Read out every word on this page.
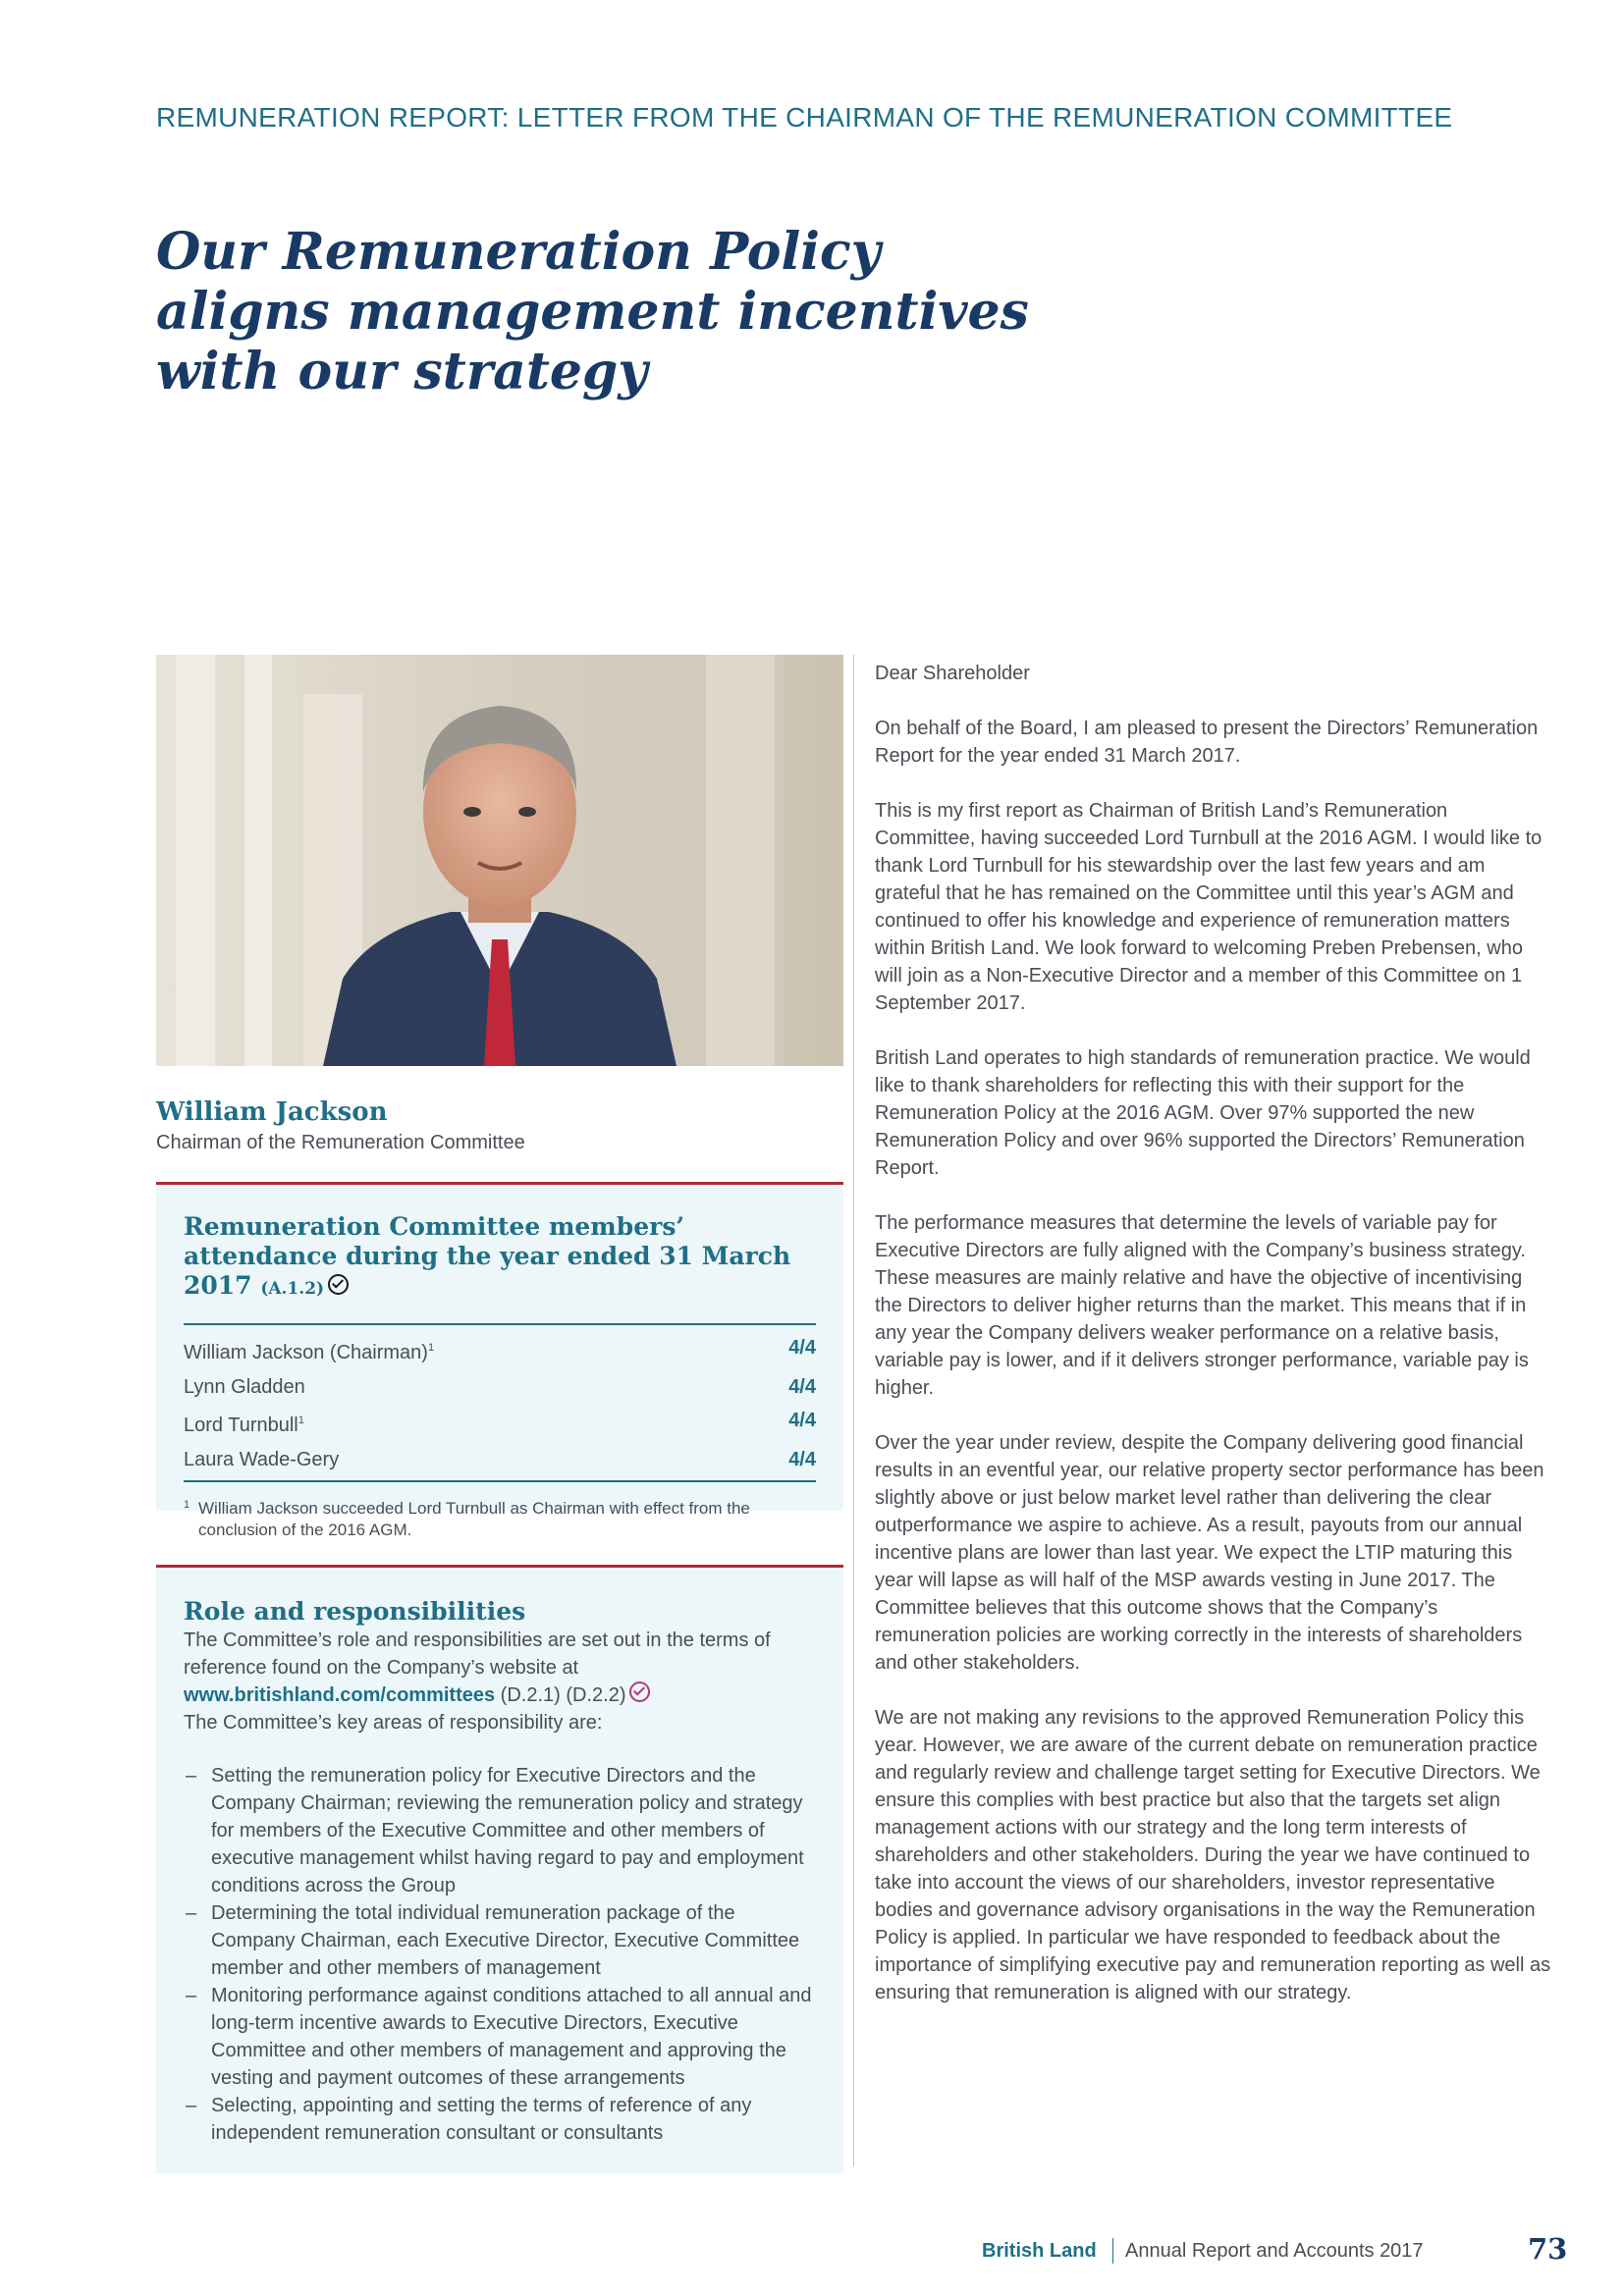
REMUNERATION REPORT: LETTER FROM THE CHAIRMAN OF THE REMUNERATION COMMITTEE
Our Remuneration Policy
aligns management incentives
with our strategy
William Jackson
Chairman of the Remuneration Committee
Remuneration Committee members’ attendance during the year ended 31 March 2017 (A.1.2)
William Jackson (Chairman)$^1$	4/4
Lynn Gladden	4/4
Lord Turnbull$^1$	4/4
Laura Wade-Gery	4/4
1 William Jackson succeeded Lord Turnbull as Chairman with effect from the conclusion of the 2016 AGM.
Role and responsibilities
The Committee’s role and responsibilities are set out in the terms of reference found on the Company’s website at www.britishland.com/committees (D.2.1) (D.2.2)
The Committee’s key areas of responsibility are:
– Setting the remuneration policy for Executive Directors and the Company Chairman; reviewing the remuneration policy and strategy for members of the Executive Committee and other members of executive management whilst having regard to pay and employment conditions across the Group
– Determining the total individual remuneration package of the Company Chairman, each Executive Director, Executive Committee member and other members of management
– Monitoring performance against conditions attached to all annual and long-term incentive awards to Executive Directors, Executive Committee and other members of management and approving the vesting and payment outcomes of these arrangements
– Selecting, appointing and setting the terms of reference of any independent remuneration consultant or consultants

Dear Shareholder

On behalf of the Board, I am pleased to present the Directors’ Remuneration Report for the year ended 31 March 2017.

This is my first report as Chairman of British Land’s Remuneration Committee, having succeeded Lord Turnbull at the 2016 AGM. I would like to thank Lord Turnbull for his stewardship over the last few years and am grateful that he has remained on the Committee until this year’s AGM and continued to offer his knowledge and experience of remuneration matters within British Land. We look forward to welcoming Preben Prebensen, who will join as a Non-Executive Director and a member of this Committee on 1 September 2017.

British Land operates to high standards of remuneration practice. We would like to thank shareholders for reflecting this with their support for the Remuneration Policy at the 2016 AGM. Over 97% supported the new Remuneration Policy and over 96% supported the Directors’ Remuneration Report.

The performance measures that determine the levels of variable pay for Executive Directors are fully aligned with the Company’s business strategy. These measures are mainly relative and have the objective of incentivising the Directors to deliver higher returns than the market. This means that if in any year the Company delivers weaker performance on a relative basis, variable pay is lower, and if it delivers stronger performance, variable pay is higher.

Over the year under review, despite the Company delivering good financial results in an eventful year, our relative property sector performance has been slightly above or just below market level rather than delivering the clear outperformance we aspire to achieve. As a result, payouts from our annual incentive plans are lower than last year. We expect the LTIP maturing this year will lapse as will half of the MSP awards vesting in June 2017. The Committee believes that this outcome shows that the Company’s remuneration policies are working correctly in the interests of shareholders and other stakeholders.

We are not making any revisions to the approved Remuneration Policy this year. However, we are aware of the current debate on remuneration practice and regularly review and challenge target setting for Executive Directors. We ensure this complies with best practice but also that the targets set align management actions with our strategy and the long term interests of shareholders and other stakeholders. During the year we have continued to take into account the views of our shareholders, investor representative bodies and governance advisory organisations in the way the Remuneration Policy is applied. In particular we have responded to feedback about the importance of simplifying executive pay and remuneration reporting as well as ensuring that remuneration is aligned with our strategy.

British Land Annual Report and Accounts 2017	73
